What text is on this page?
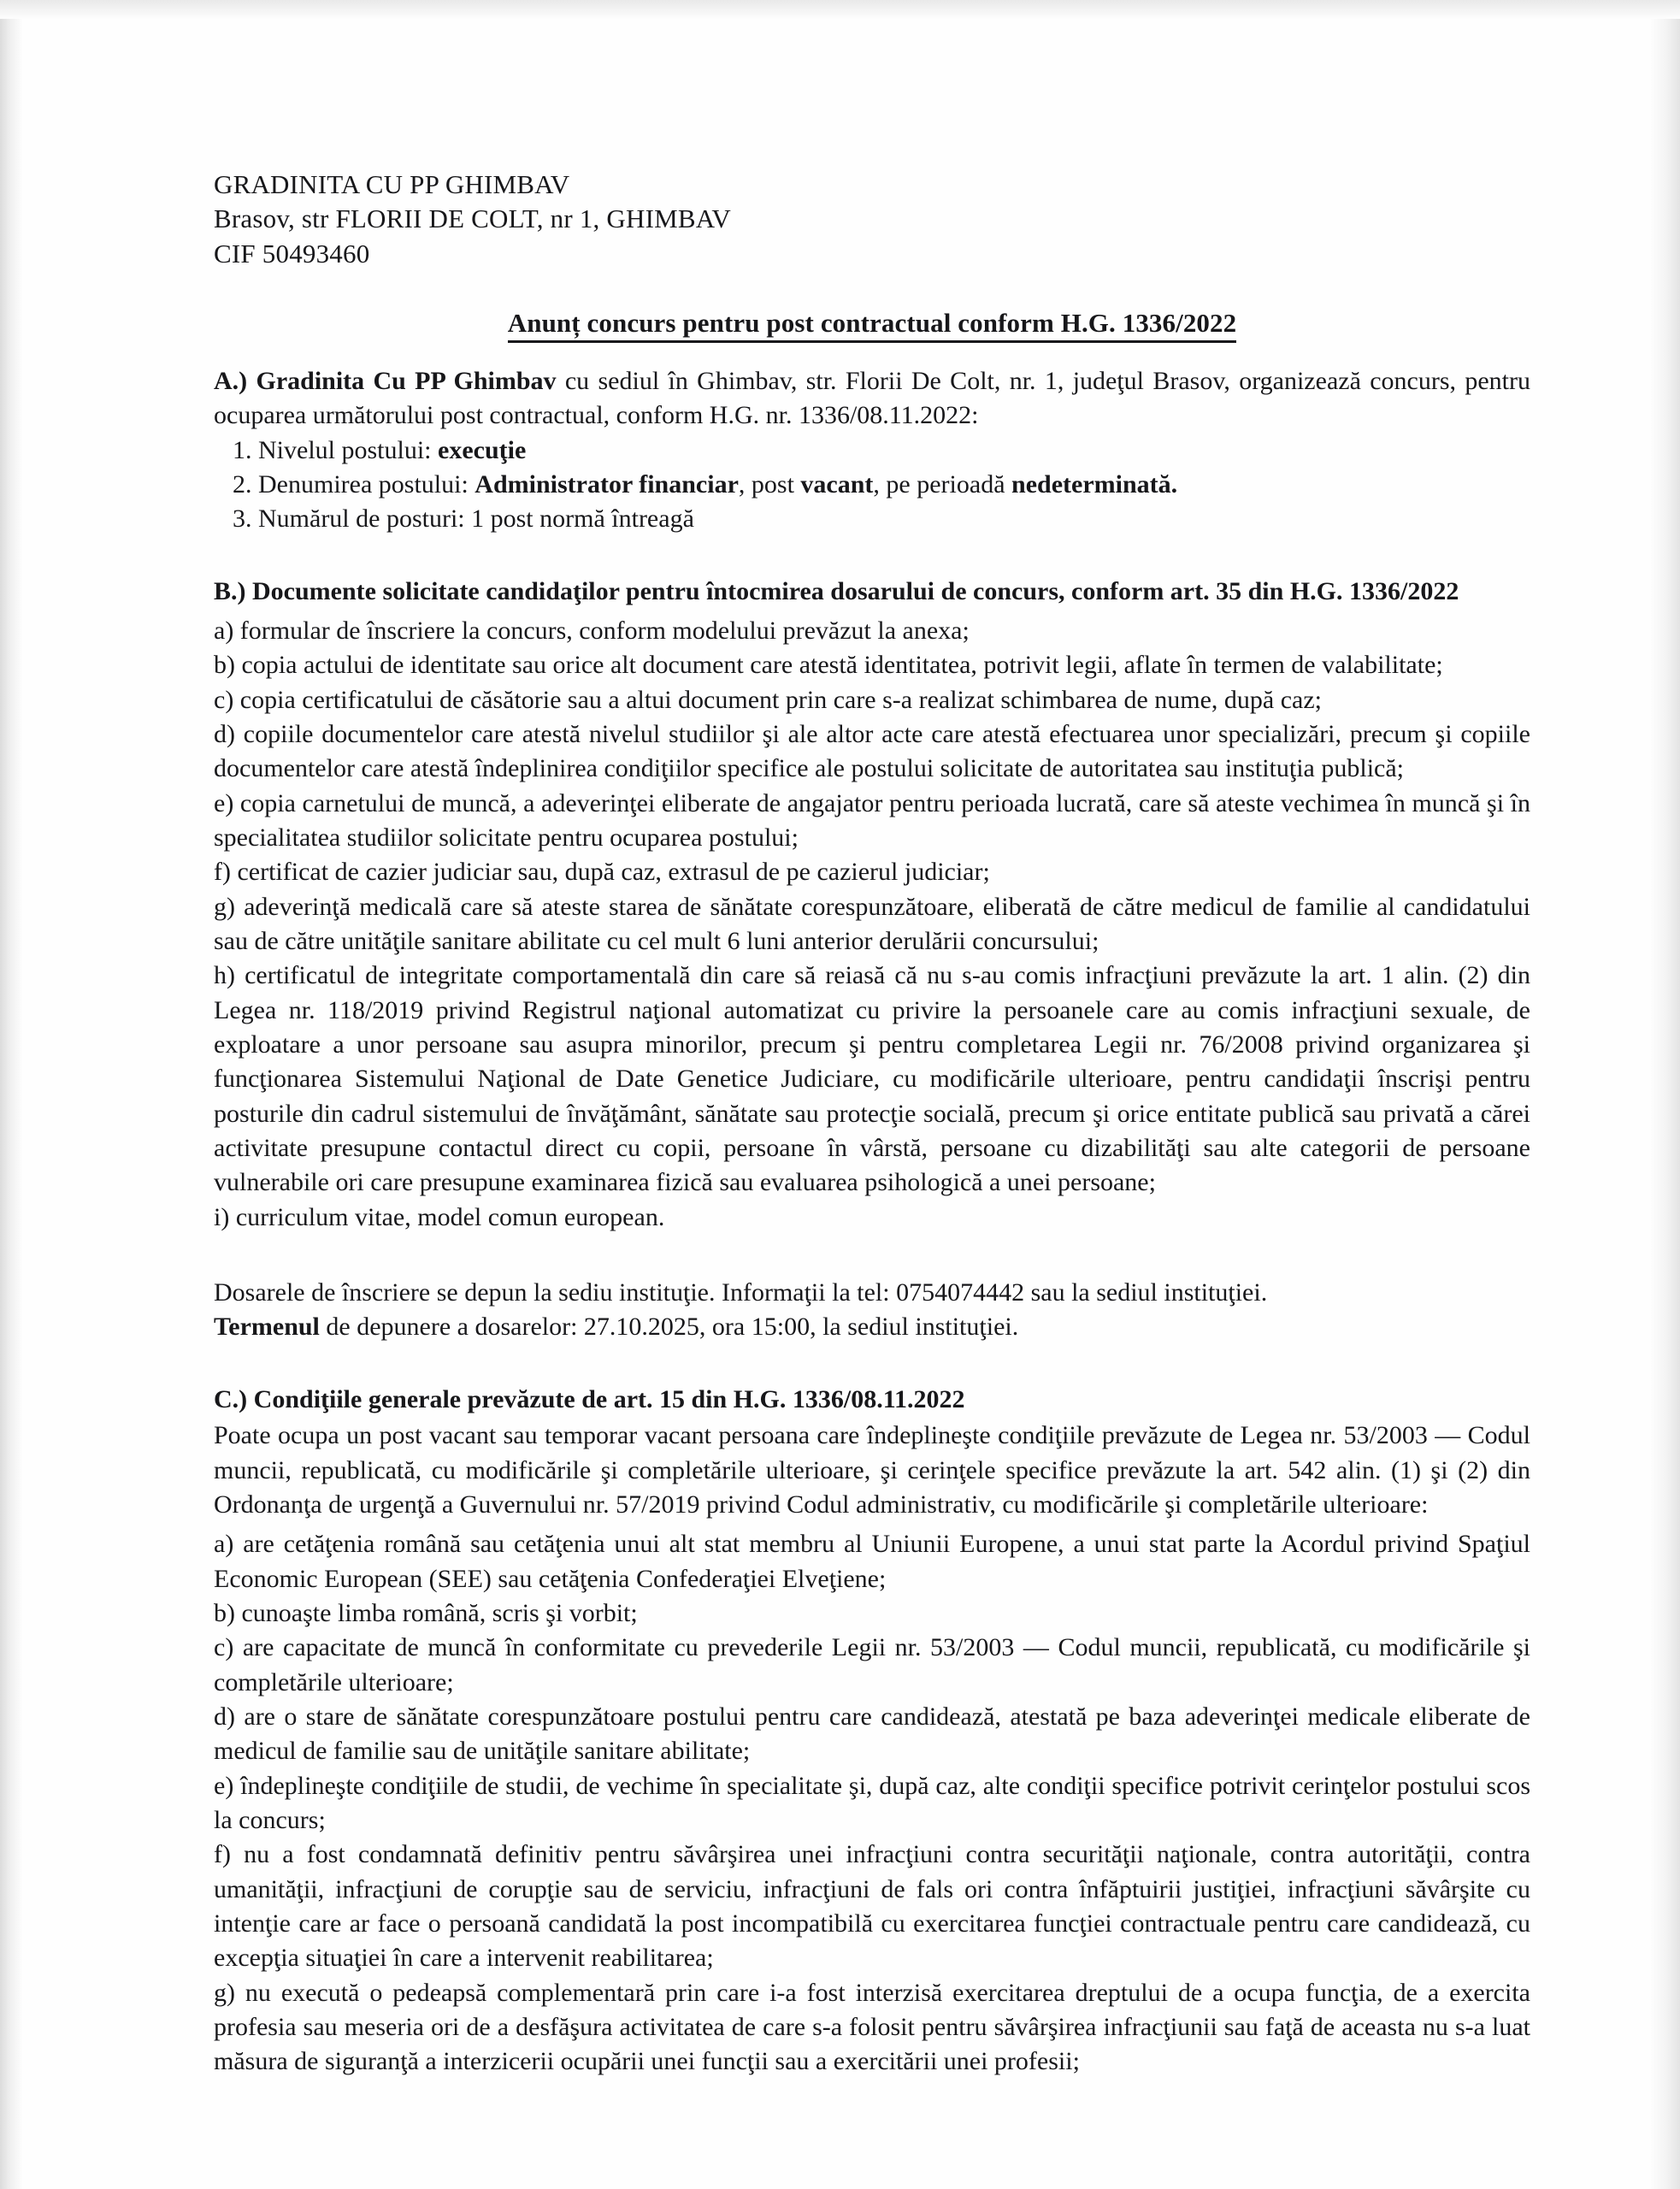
GRADINITA CU PP GHIMBAV
Brasov, str FLORII DE COLT, nr 1, GHIMBAV
CIF 50493460
Anunț concurs pentru post contractual conform H.G. 1336/2022

A.) Gradinita Cu PP Ghimbav cu sediul în Ghimbav, str. Florii De Colt, nr. 1, judeţul Brasov, organizează concurs, pentru ocuparea următorului post contractual, conform H.G. nr. 1336/08.11.2022:

1. Nivelul postului: execuţie

2. Denumirea postului: Administrator financiar, post vacant, pe perioadă nedeterminată.

3. Numărul de posturi: 1 post normă întreagă

B.) Documente solicitate candidaţilor pentru întocmirea dosarului de concurs, conform art. 35 din H.G. 1336/2022

a) formular de înscriere la concurs, conform modelului prevăzut la anexa;

b) copia actului de identitate sau orice alt document care atestă identitatea, potrivit legii, aflate în termen de valabilitate;

c) copia certificatului de căsătorie sau a altui document prin care s-a realizat schimbarea de nume, după caz;

d) copiile documentelor care atestă nivelul studiilor şi ale altor acte care atestă efectuarea unor specializări, precum şi copiile documentelor care atestă îndeplinirea condiţiilor specifice ale postului solicitate de autoritatea sau instituţia publică;

e) copia carnetului de muncă, a adeverinţei eliberate de angajator pentru perioada lucrată, care să ateste vechimea în muncă şi în specialitatea studiilor solicitate pentru ocuparea postului;

f) certificat de cazier judiciar sau, după caz, extrasul de pe cazierul judiciar;

g) adeverinţă medicală care să ateste starea de sănătate corespunzătoare, eliberată de către medicul de familie al candidatului sau de către unităţile sanitare abilitate cu cel mult 6 luni anterior derulării concursului;

h) certificatul de integritate comportamentală din care să reiasă că nu s-au comis infracţiuni prevăzute la art. 1 alin. (2) din Legea nr. 118/2019 privind Registrul naţional automatizat cu privire la persoanele care au comis infracţiuni sexuale, de exploatare a unor persoane sau asupra minorilor, precum şi pentru completarea Legii nr. 76/2008 privind organizarea şi funcţionarea Sistemului Naţional de Date Genetice Judiciare, cu modificările ulterioare, pentru candidaţii înscrişi pentru posturile din cadrul sistemului de învăţământ, sănătate sau protecţie socială, precum şi orice entitate publică sau privată a cărei activitate presupune contactul direct cu copii, persoane în vârstă, persoane cu dizabilităţi sau alte categorii de persoane vulnerabile ori care presupune examinarea fizică sau evaluarea psihologică a unei persoane;

i) curriculum vitae, model comun european.

Dosarele de înscriere se depun la sediu instituţie. Informaţii la tel: 0754074442 sau la sediul instituţiei.

Termenul de depunere a dosarelor: 27.10.2025, ora 15:00, la sediul instituţiei.

C.) Condiţiile generale prevăzute de art. 15 din H.G. 1336/08.11.2022

Poate ocupa un post vacant sau temporar vacant persoana care îndeplineşte condiţiile prevăzute de Legea nr. 53/2003 — Codul muncii, republicată, cu modificările şi completările ulterioare, şi cerinţele specifice prevăzute la art. 542 alin. (1) şi (2) din Ordonanţa de urgenţă a Guvernului nr. 57/2019 privind Codul administrativ, cu modificările şi completările ulterioare:

a) are cetăţenia română sau cetăţenia unui alt stat membru al Uniunii Europene, a unui stat parte la Acordul privind Spaţiul Economic European (SEE) sau cetăţenia Confederaţiei Elveţiene;

b) cunoaşte limba română, scris şi vorbit;

c) are capacitate de muncă în conformitate cu prevederile Legii nr. 53/2003 — Codul muncii, republicată, cu modificările şi completările ulterioare;

d) are o stare de sănătate corespunzătoare postului pentru care candidează, atestată pe baza adeverinţei medicale eliberate de medicul de familie sau de unităţile sanitare abilitate;

e) îndeplineşte condiţiile de studii, de vechime în specialitate şi, după caz, alte condiţii specifice potrivit cerinţelor postului scos la concurs;

f) nu a fost condamnată definitiv pentru săvârşirea unei infracţiuni contra securităţii naţionale, contra autorităţii, contra umanităţii, infracţiuni de corupţie sau de serviciu, infracţiuni de fals ori contra înfăptuirii justiţiei, infracţiuni săvârşite cu intenţie care ar face o persoană candidată la post incompatibilă cu exercitarea funcţiei contractuale pentru care candidează, cu excepţia situaţiei în care a intervenit reabilitarea;

g) nu execută o pedeapsă complementară prin care i-a fost interzisă exercitarea dreptului de a ocupa funcţia, de a exercita profesia sau meseria ori de a desfăşura activitatea de care s-a folosit pentru săvârşirea infracţiunii sau faţă de aceasta nu s-a luat măsura de siguranţă a interzicerii ocupării unei funcţii sau a exercitării unei profesii;
